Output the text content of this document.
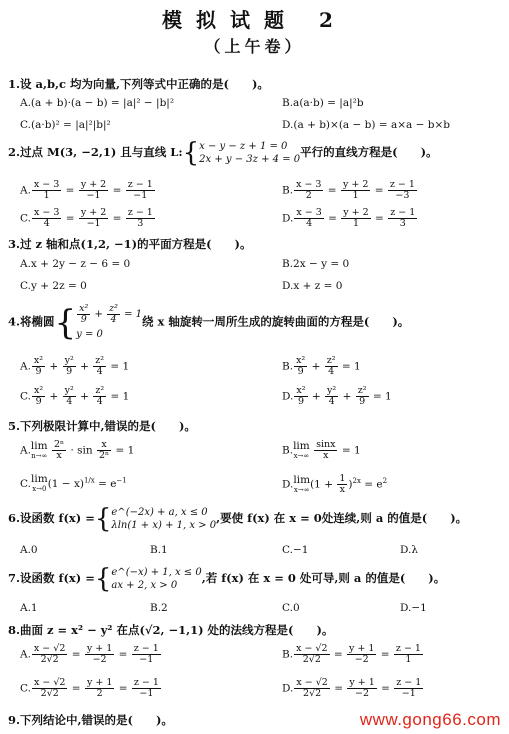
模拟试题 2
（上午卷）
1.设 a,b,c 均为向量,下列等式中正确的是(　　)。
A.(a + b)·(a − b) = |a|² − |b|²	B.a(a·b) = |a|²b
C.(a·b)² = |a|²|b|²	D.(a + b)×(a − b) = a×a − b×b
2.过点 M(3, −2,1) 且与直线 L:{ x − y − z + 1 = 0
2x + y − 3z + 4 = 0
平行的直线方程是(　　)。
A. $\frac{x - 3}{1} = \frac{y + 2}{-1} = \frac{z - 1}{-1}$	B. $\frac{x - 3}{2} = \frac{y + 2}{1} = \frac{z - 1}{-3}$
C. $\frac{x - 3}{4} = \frac{y + 2}{-1} = \frac{z - 1}{3}$	D. $\frac{x - 3}{4} = \frac{y + 2}{1} = \frac{z - 1}{3}$
3.过 z 轴和点(1,2, −1)的平面方程是(　　)。
A.x + 2y − z − 6 = 0	B.2x − y = 0
C.y + 2z = 0	D.x + z = 0
4.将椭圆{ $\frac{\text{x²}}{9} + \frac{\text{z²}}{4} = 1$
y = 0
绕 x 轴旋转一周所生成的旋转曲面的方程是(　　)。
A. $\frac{\text{x²}}{9} + \frac{\text{y²}}{9} + \frac{\text{z²}}{4} = 1$	B. $\frac{\text{x²}}{9} + \frac{\text{z²}}{4} = 1$
C. $\frac{\text{x²}}{9} + \frac{\text{y²}}{4} + \frac{\text{z²}}{4} = 1$	D. $\frac{\text{x²}}{9} + \frac{\text{y²}}{4} + \frac{\text{z²}}{9} = 1$
5.下列极限计算中,错误的是(　　)。
A.lim
n→∞
$\frac{\text{2ⁿ}}{x} \cdot \sin \frac{x}{\text{2ⁿ}} = 1$	B.lim
x→∞
$\frac{\sin x}{x} = 1$
C.lim
x→0 $(1 - x)^{1/x} = e^{-1}$	D.lim
x→∞ $(1 + \frac{1}{x} )^{2x} = e^2$
6.设函数 f(x) ={ e^(−2x) + a, x ≤ 0
λln(1 + x) + 1, x > 0
,要使 f(x) 在 x = 0处连续,则 a 的值是(　　)。
A.0	B.1	C.−1	D.λ
7.设函数 f(x) ={ e^(−x) + 1, x ≤ 0
ax + 2, x > 0
,若 f(x) 在 x = 0 处可导,则 a 的值是(　　)。
A.1	B.2	C.0	D.−1
8.曲面 z = x² − y² 在点(√2, −1,1) 处的法线方程是(　　)。
A. $\frac{x - √2}{2√2} = \frac{y + 1}{-2} = \frac{z - 1}{-1}$	B. $\frac{x - √2}{2√2} = \frac{y + 1}{-2} = \frac{z - 1}{1}$
C. $\frac{x - √2}{2√2} = \frac{y + 1}{2} = \frac{z - 1}{-1}$	D. $\frac{x - √2}{2√2} = \frac{y + 1}{-2} = \frac{z - 1}{-1}$
9.下列结论中,错误的是(　　)。	www.gong66.com
